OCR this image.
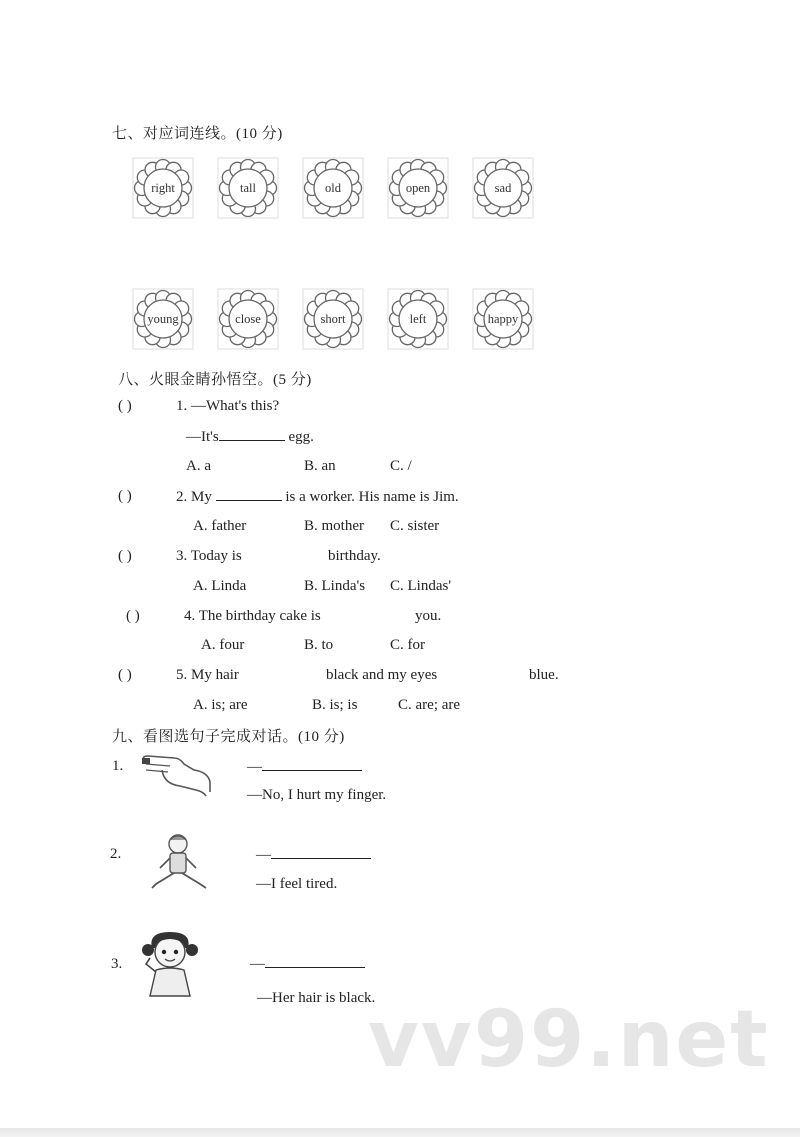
七、对应词连线。(10 分)
right	tall	old	open	sad
young	close	short	left	happy
八、火眼金睛孙悟空。(5 分)
( )	1. —What's this?
—It's	egg.
A. a	B. an	C. /
( )	2. My	is a worker. His name is Jim.
A. father	B. mother C. sister
( )	3. Today is	birthday.
A. Linda	B. Linda's C. Lindas'
( )	4. The birthday cake is	you.
A. four	B. to	C. for
( )	5. My hair	black and my eyes	blue.
A. is; are	B. is; is	C. are; are
九、看图选句子完成对话。(10 分)
1.	—
—No, I hurt my finger.
2.	—
—I feel tired.
3.	—
—Her hair is black.
vv99.net
